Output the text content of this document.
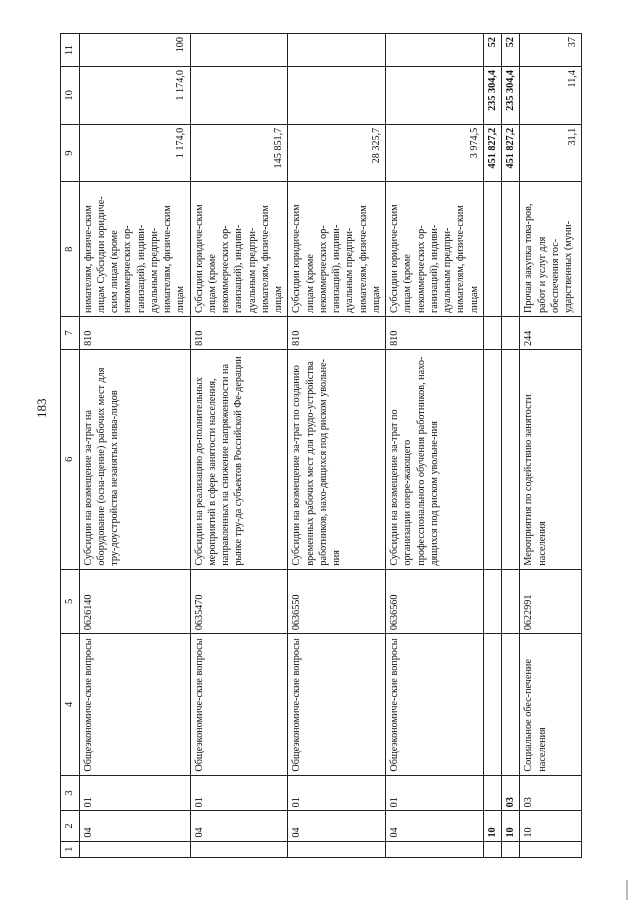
183
1	2	3	4	5	6	7	8	9	10	11
	04	01	Общеэкономиче-ские вопросы	0626140	Субсидии на возмещение за-трат на оборудование (осна-щение) рабочих мест для тру-доустройства незанятых инва-лидов	810	нимателям, физиче-ским лицам Субсидии юридиче-ским лицам (кроме некоммерческих ор-ганизаций), индиви-дуальным предпри-нимателям, физиче-ским лицам	1 174,0	1 174,0	100
	04	01	Общеэкономиче-ские вопросы	0635470	Субсидии на реализацию до-полнительных мероприятий в сфере занятости населения, направленных на снижение напряженности на рынке тру-да субъектов Российской Фе-дерации	810	Субсидии юридиче-ским лицам (кроме некоммерческих ор-ганизаций), индиви-дуальным предпри-нимателям, физиче-ским лицам	145 851,7		
	04	01	Общеэкономиче-ские вопросы	0636550	Субсидии на возмещение за-трат по созданию временных рабочих мест для трудо-устройства работников, нахо-дящихся под риском увольне-ния	810	Субсидии юридиче-ским лицам (кроме некоммерческих ор-ганизаций), индиви-дуальным предпри-нимателям, физиче-ским лицам	28 325,7		
	04	01	Общеэкономиче-ские вопросы	0636560	Субсидии на возмещение за-трат по организации опере-жающего профессионального обучения работников, нахо-дящихся под риском увольне-ния	810	Субсидии юридиче-ским лицам (кроме некоммерческих ор-ганизаций), индиви-дуальным предпри-нимателям, физиче-ским лицам	3 974,5		
	10							451 827,2	235 304,4	52
	10	03						451 827,2	235 304,4	52
	10	03	Социальное обес-печение населения	0622991	Мероприятия по содействию занятости населения	244	Прочая закупка това-ров, работ и услуг для обеспечения гос-ударственных (муни-	31,1	11,4	37
